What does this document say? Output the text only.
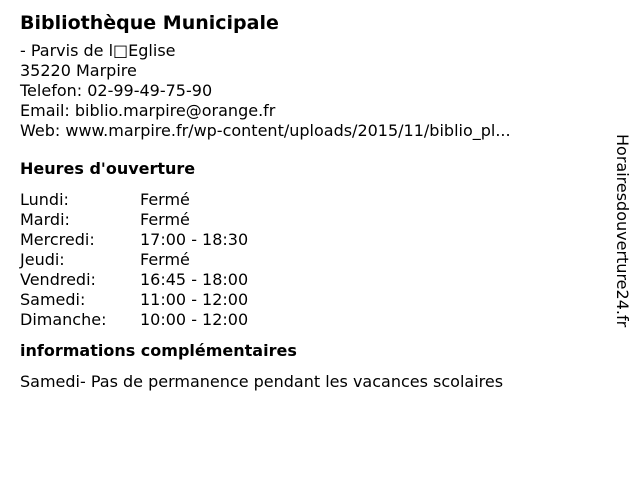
Bibliothèque Municipale
- Parvis de l□Eglise
35220 Marpire
Telefon: 02-99-49-75-90
Email: biblio.marpire@orange.fr
Web: www.marpire.fr/wp-content/uploads/2015/11/biblio_pl...
Heures d'ouverture
Lundi:	Fermé
Mardi:	Fermé
Mercredi:	17:00 - 18:30
Jeudi:	Fermé
Vendredi:	16:45 - 18:00
Samedi:	11:00 - 12:00
Dimanche:	10:00 - 12:00
informations complémentaires
Samedi- Pas de permanence pendant les vacances scolaires
Horairesdouverture24.fr
